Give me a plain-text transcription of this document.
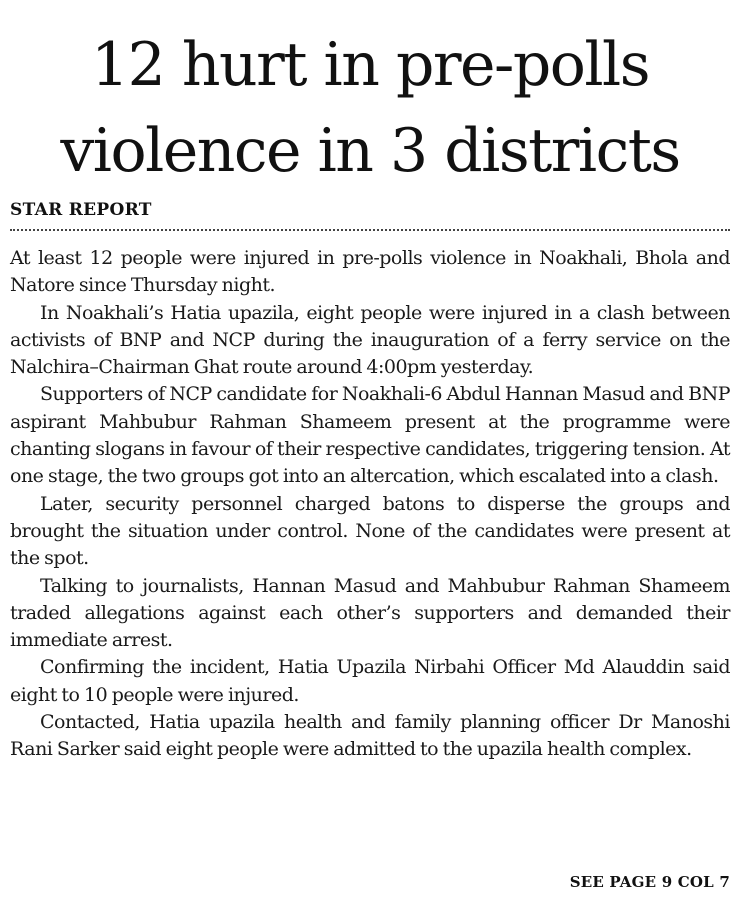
12 hurt in pre-polls
violence in 3 districts
STAR REPORT

At least 12 people were injured in pre-polls violence in Noakhali, Bhola and Natore since Thursday night.

In Noakhali’s Hatia upazila, eight people were injured in a clash between activists of BNP and NCP during the inauguration of a ferry service on the Nalchira–Chairman Ghat route around 4:00pm yesterday.

Supporters of NCP candidate for Noakhali-6 Abdul Hannan Masud and BNP aspirant Mahbubur Rahman Shameem present at the programme were chanting slogans in favour of their respective candidates, triggering tension. At one stage, the two groups got into an altercation, which escalated into a clash.

Later, security personnel charged batons to disperse the groups and brought the situation under control. None of the candidates were present at the spot.

Talking to journalists, Hannan Masud and Mahbubur Rahman Shameem traded allegations against each other’s supporters and demanded their immediate arrest.

Confirming the incident, Hatia Upazila Nirbahi Officer Md Alauddin said eight to 10 people were injured.

Contacted, Hatia upazila health and family planning officer Dr Manoshi Rani Sarker said eight people were admitted to the upazila health complex.

SEE PAGE 9 COL 7
